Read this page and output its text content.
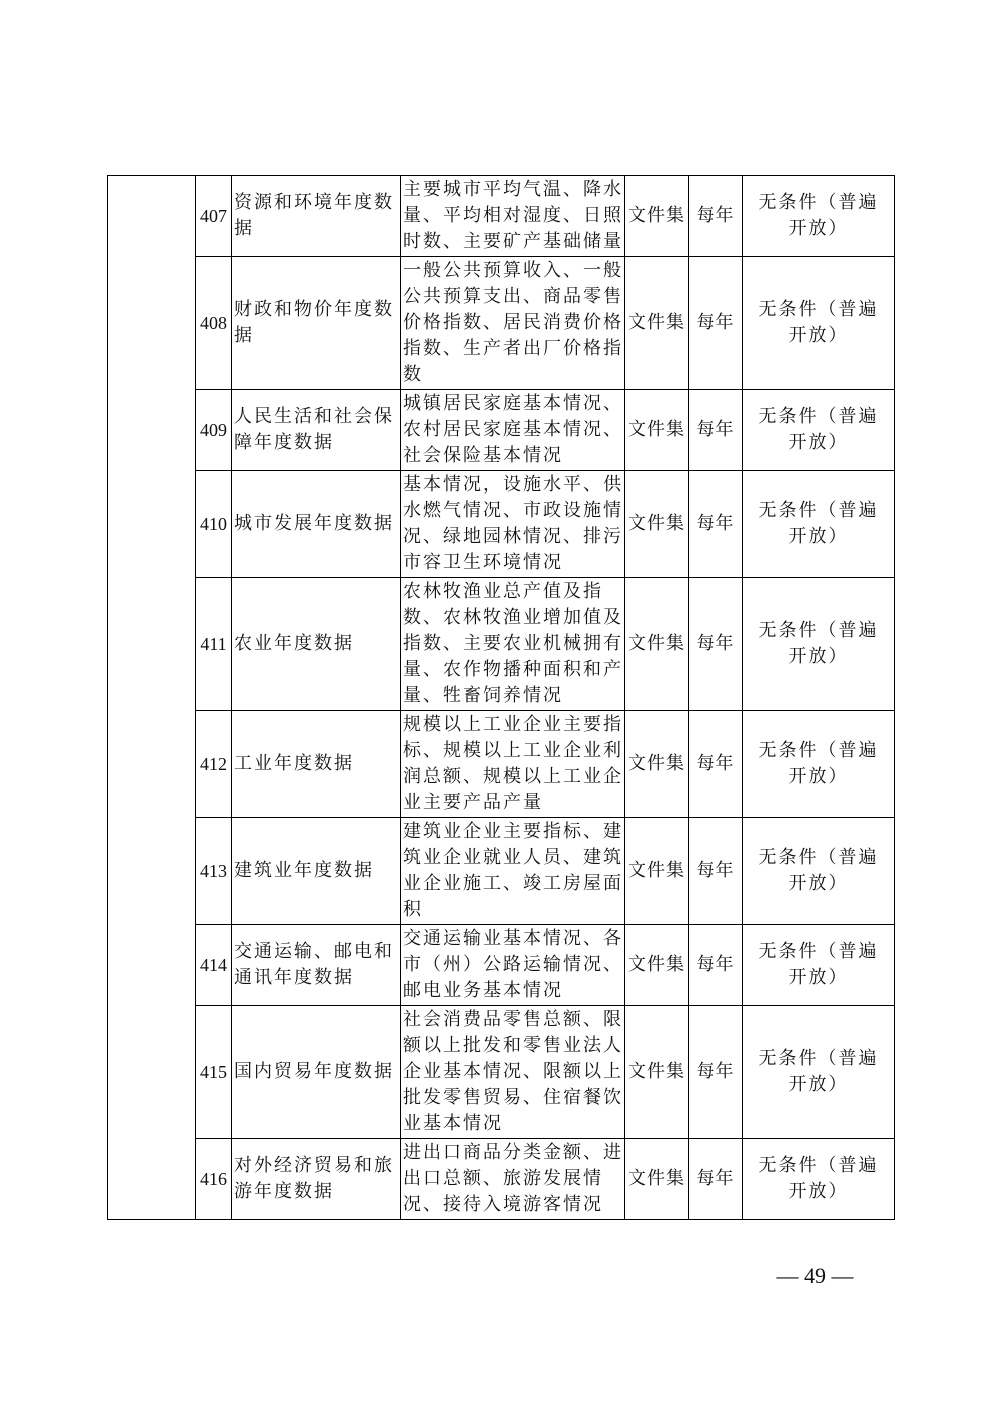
	407	资源和环境年度数据	主要城市平均气温、降水量、平均相对湿度、日照时数、主要矿产基础储量	文件集	每年	无条件（普遍开放）
	408	财政和物价年度数据	一般公共预算收入、一般公共预算支出、商品零售价格指数、居民消费价格指数、生产者出厂价格指数	文件集	每年	无条件（普遍开放）
	409	人民生活和社会保障年度数据	城镇居民家庭基本情况、农村居民家庭基本情况、社会保险基本情况	文件集	每年	无条件（普遍开放）
	410	城市发展年度数据	基本情况，设施水平、供水燃气情况、市政设施情况、绿地园林情况、排污市容卫生环境情况	文件集	每年	无条件（普遍开放）
	411	农业年度数据	农林牧渔业总产值及指数、农林牧渔业增加值及指数、主要农业机械拥有量、农作物播种面积和产量、牲畜饲养情况	文件集	每年	无条件（普遍开放）
	412	工业年度数据	规模以上工业企业主要指标、规模以上工业企业利润总额、规模以上工业企业主要产品产量	文件集	每年	无条件（普遍开放）
	413	建筑业年度数据	建筑业企业主要指标、建筑业企业就业人员、建筑业企业施工、竣工房屋面积	文件集	每年	无条件（普遍开放）
	414	交通运输、邮电和通讯年度数据	交通运输业基本情况、各市（州）公路运输情况、邮电业务基本情况	文件集	每年	无条件（普遍开放）
	415	国内贸易年度数据	社会消费品零售总额、限额以上批发和零售业法人企业基本情况、限额以上批发零售贸易、住宿餐饮业基本情况	文件集	每年	无条件（普遍开放）
	416	对外经济贸易和旅游年度数据	进出口商品分类金额、进出口总额、旅游发展情况、接待入境游客情况	文件集	每年	无条件（普遍开放）
— 49 —
